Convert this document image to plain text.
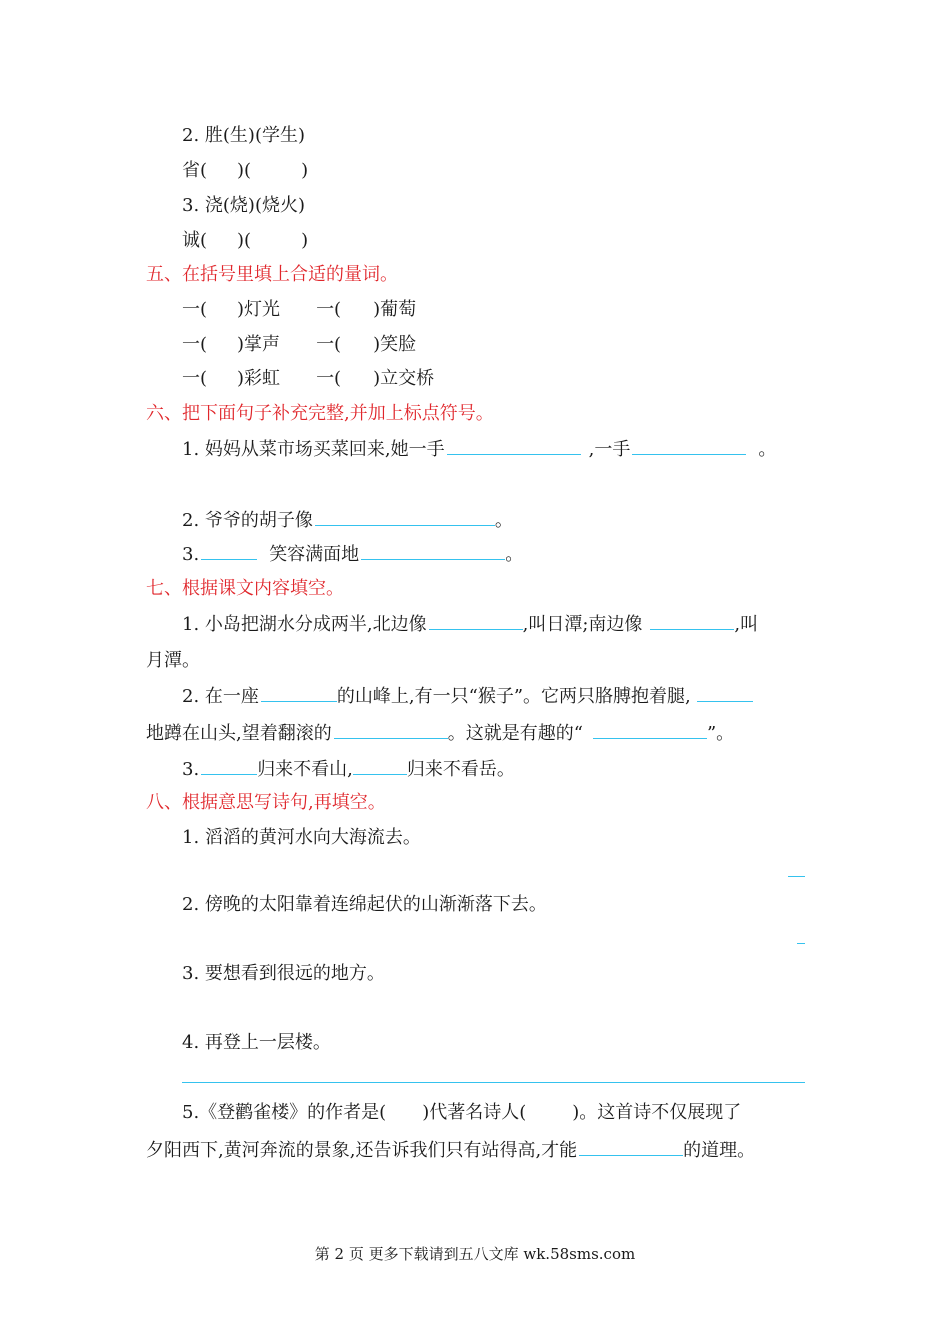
2. 胜(生)(学生)
省( )(	)
3. 浇(烧)(烧火)
诚( )(	)
五、在括号里填上合适的量词。
一( )灯光 一( )葡萄
一( )掌声 一( )笑脸
一( )彩虹 一( )立交桥
六、把下面句子补充完整,并加上标点符号。
1. 妈妈从菜市场买菜回来,她一手	,一手	。
2. 爷爷的胡子像	。
3.	笑容满面地	。
七、根据课文内容填空。
1. 小岛把湖水分成两半,北边像	,叫日潭;南边像	,叫
月潭。
2. 在一座	的山峰上,有一只“猴子”。它两只胳膊抱着腿,
地蹲在山头,望着翻滚的	。这就是有趣的“	”。
3.	归来不看山,	归来不看岳。
八、根据意思写诗句,再填空。
1. 滔滔的黄河水向大海流去。
2. 傍晚的太阳靠着连绵起伏的山渐渐落下去。
3. 要想看到很远的地方。
4. 再登上一层楼。
5.《登鹳雀楼》的作者是( )代著名诗人(	)。这首诗不仅展现了
夕阳西下,黄河奔流的景象,还告诉我们只有站得高,才能	的道理。
第 2 页 更多下载请到五八文库 wk.58sms.com
